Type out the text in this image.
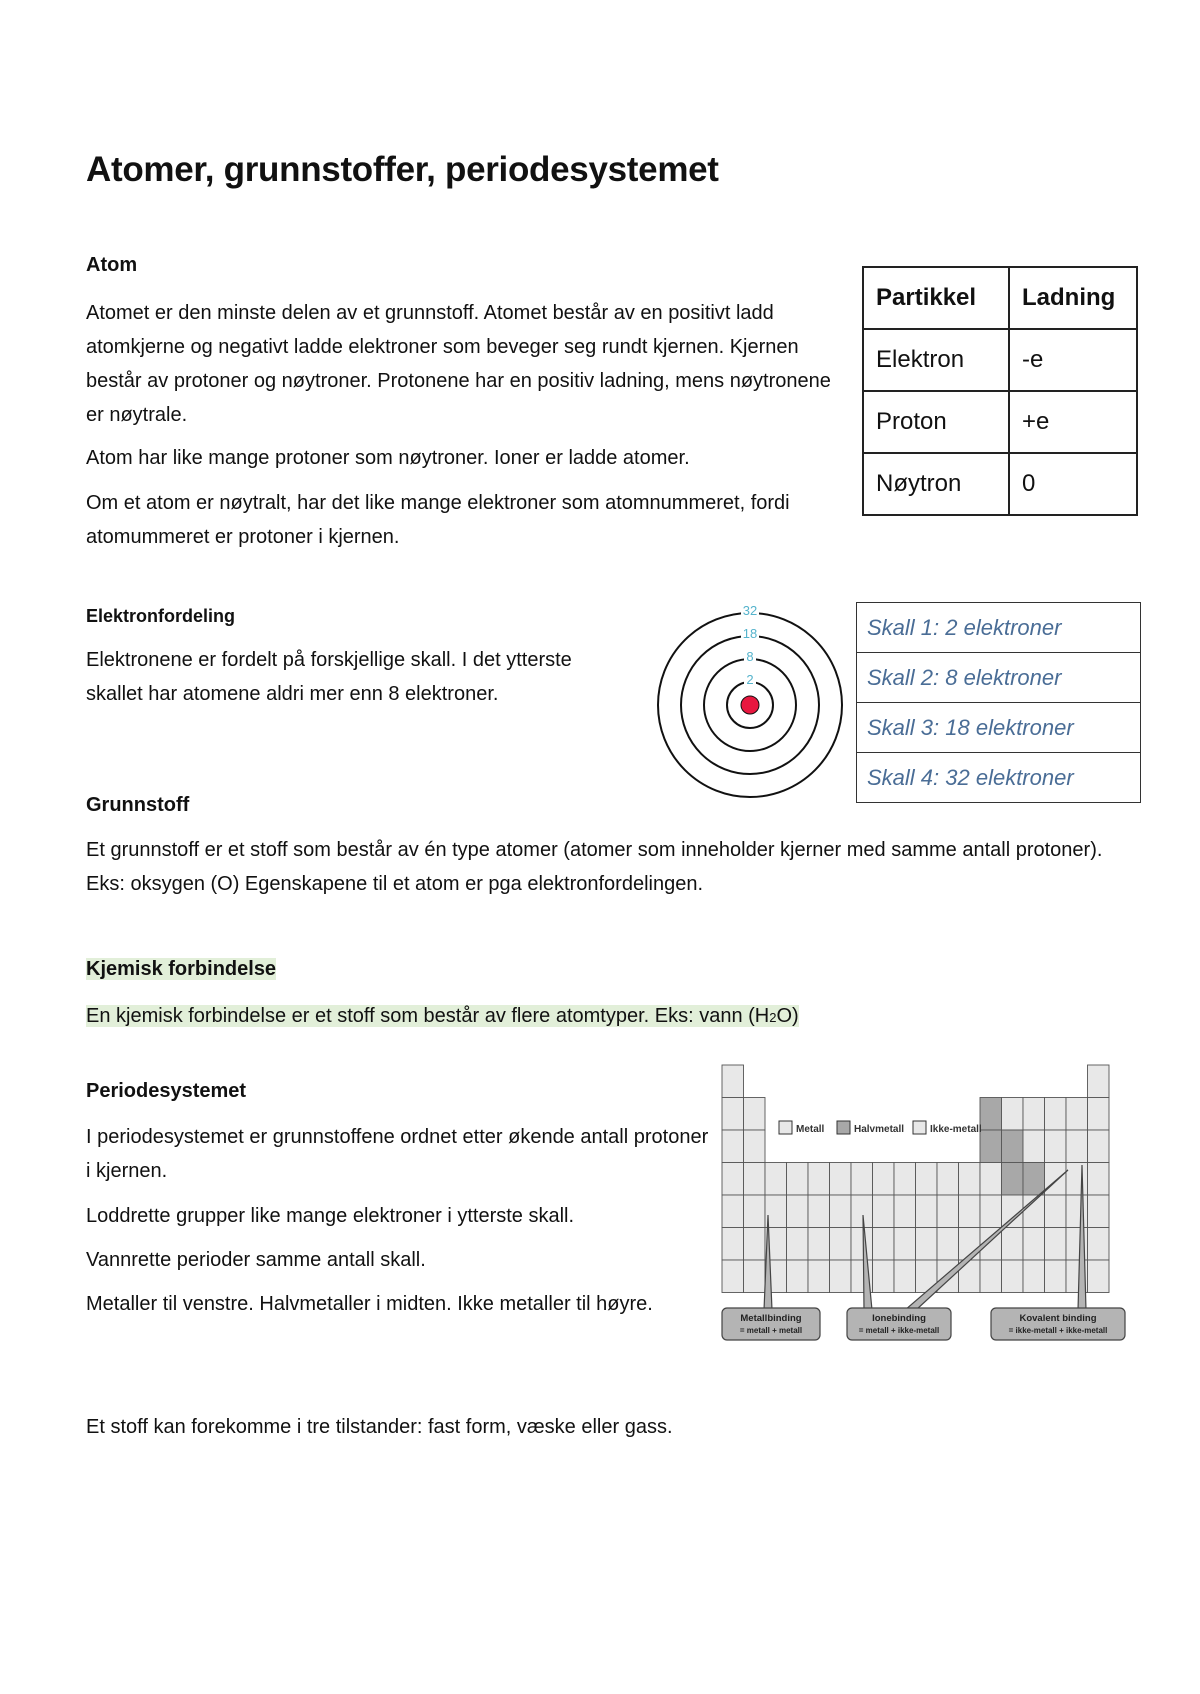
Atomer, grunnstoffer, periodesystemet
Atom

Atomet er den minste delen av et grunnstoff. Atomet består av en positivt ladd atomkjerne og negativt ladde elektroner som beveger seg rundt kjernen. Kjernen består av protoner og nøytroner. Protonene har en positiv ladning, mens nøytronene er nøytrale.

Atom har like mange protoner som nøytroner. Ioner er ladde atomer.

Om et atom er nøytralt, har det like mange elektroner som atomnummeret, fordi atomummeret er protoner i kjernen.

Partikkel	Ladning
Elektron	-e
Proton	+e
Nøytron	0
Elektronfordeling

Elektronene er fordelt på forskjellige skall. I det ytterste skallet har atomene aldri mer enn 8 elektroner.

32
18
8
2
Skall 1: 2 elektroner
Skall 2: 8 elektroner
Skall 3: 18 elektroner
Skall 4: 32 elektroner
Grunnstoff

Et grunnstoff er et stoff som består av én type atomer (atomer som inneholder kjerner med samme antall protoner). Eks: oksygen (O) Egenskapene til et atom er pga elektronfordelingen.

Kjemisk forbindelse

En kjemisk forbindelse er et stoff som består av flere atomtyper. Eks: vann (H2O)

Periodesystemet

I periodesystemet er grunnstoffene ordnet etter økende antall protoner i kjernen.

Loddrette grupper like mange elektroner i ytterste skall.

Vannrette perioder samme antall skall.

Metaller til venstre. Halvmetaller i midten. Ikke metaller til høyre.

Metall	Halvmetall	Ikke-metall
Metallbinding
= metall + metall
Ionebinding
= metall + ikke-metall
Kovalent binding
= ikke-metall + ikke-metall

Et stoff kan forekomme i tre tilstander: fast form, væske eller gass.
